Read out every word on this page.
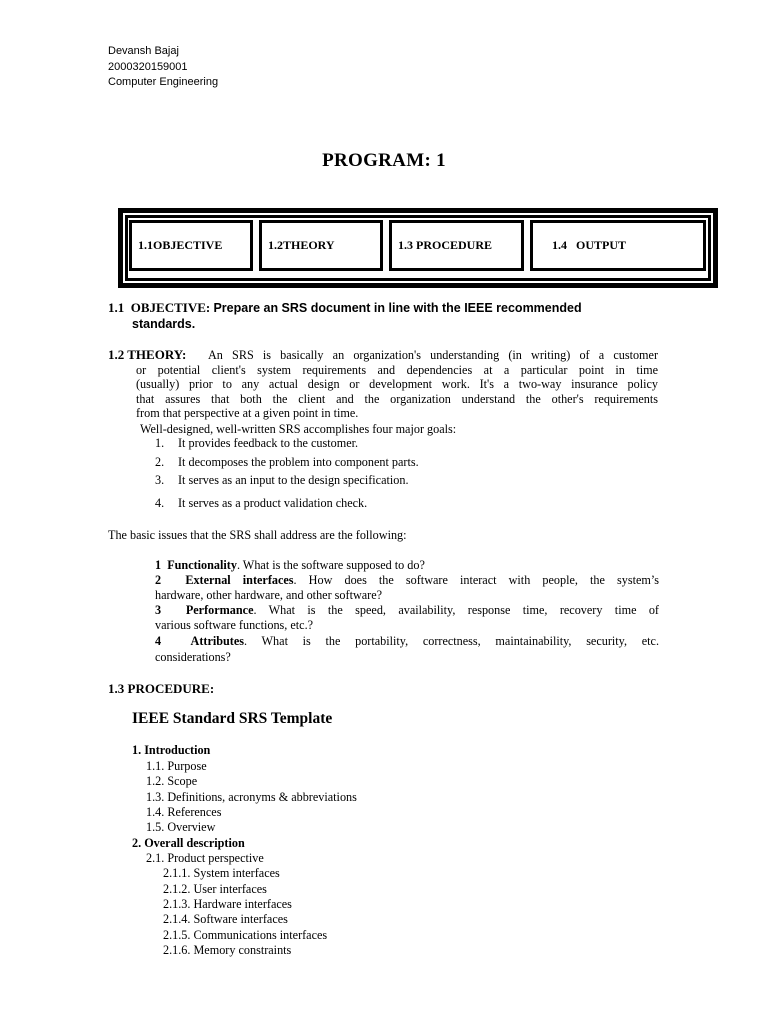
Devansh Bajaj
2000320159001
Computer Engineering
PROGRAM: 1
1.1OBJECTIVE	1.2THEORY	1.3 PROCEDURE	1.4   OUTPUT
1.1 OBJECTIVE: Prepare an SRS document in line with the IEEE recommended
standards.
1.2 THEORY: An SRS is basically an organization's understanding (in writing) of a customer
or potential client's system requirements and dependencies at a particular point in time
(usually) prior to any actual design or development work. It's a two-way insurance policy
that assures that both the client and the organization understand the other's requirements
from that perspective at a given point in time.
Well-designed, well-written SRS accomplishes four major goals:
1. It provides feedback to the customer.
2. It decomposes the problem into component parts.
3. It serves as an input to the design specification.
4. It serves as a product validation check.
The basic issues that the SRS shall address are the following:
1 Functionality. What is the software supposed to do?
2 External interfaces. How does the software interact with people, the system’s
hardware, other hardware, and other software?
3 Performance. What is the speed, availability, response time, recovery time of
various software functions, etc.?
4 Attributes. What is the portability, correctness, maintainability, security, etc.
considerations?
1.3 PROCEDURE:
IEEE Standard SRS Template
1. Introduction
1.1. Purpose
1.2. Scope
1.3. Definitions, acronyms & abbreviations
1.4. References
1.5. Overview
2. Overall description
2.1. Product perspective
2.1.1. System interfaces
2.1.2. User interfaces
2.1.3. Hardware interfaces
2.1.4. Software interfaces
2.1.5. Communications interfaces
2.1.6. Memory constraints
